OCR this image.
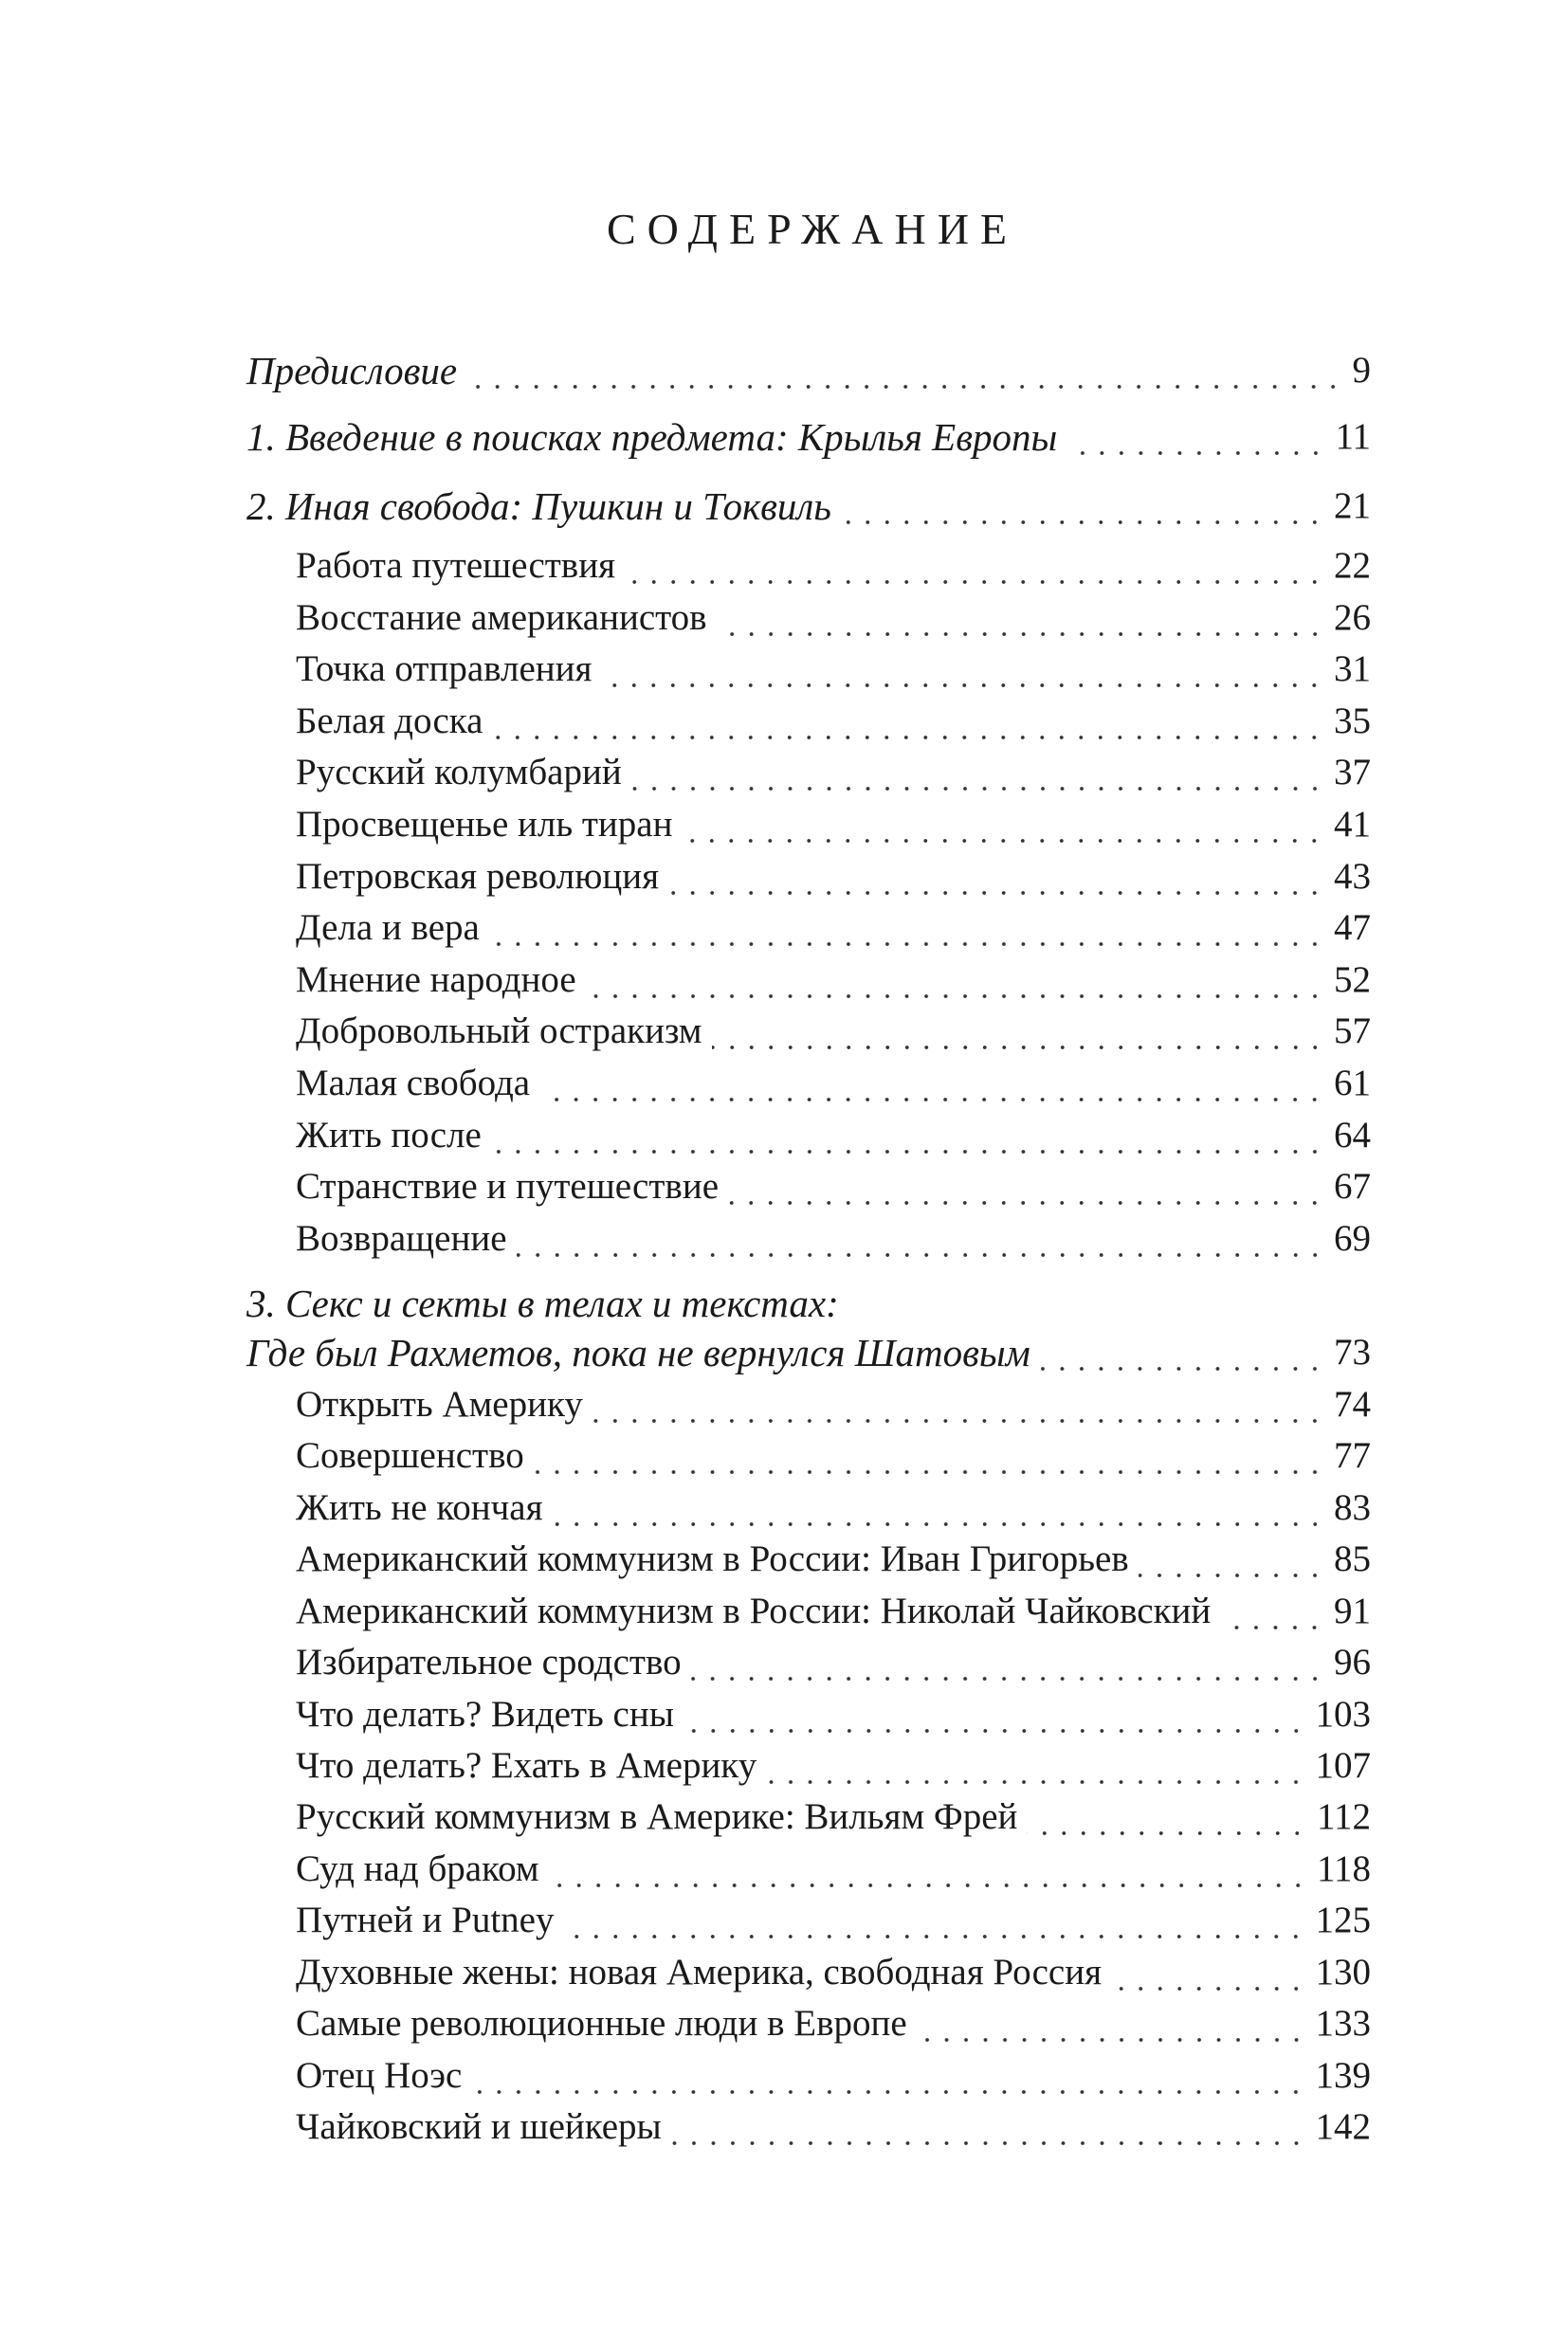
СОДЕРЖАНИЕ
Предисловие	9
1. Введение в поисках предмета: Крылья Европы	11
2. Иная свобода: Пушкин и Токвиль	21
Работа путешествия	22
Восстание американистов	26
Точка отправления	31
Белая доска	35
Русский колумбарий	37
Просвещенье иль тиран	41
Петровская революция	43
Дела и вера	47
Мнение народное	52
Добровольный остракизм	57
Малая свобода	61
Жить после	64
Странствие и путешествие	67
Возвращение	69
3. Секс и секты в телах и текстах:
Где был Рахметов, пока не вернулся Шатовым	73
Открыть Америку	74
Совершенство	77
Жить не кончая	83
Американский коммунизм в России: Иван Григорьев	85
Американский коммунизм в России: Николай Чайковский	91
Избирательное сродство	96
Что делать? Видеть сны	103
Что делать? Ехать в Америку	107
Русский коммунизм в Америке: Вильям Фрей	112
Суд над браком	118
Путней и Putney	125
Духовные жены: новая Америка, свободная Россия	130
Самые революционные люди в Европе	133
Отец Ноэс	139
Чайковский и шейкеры	142
